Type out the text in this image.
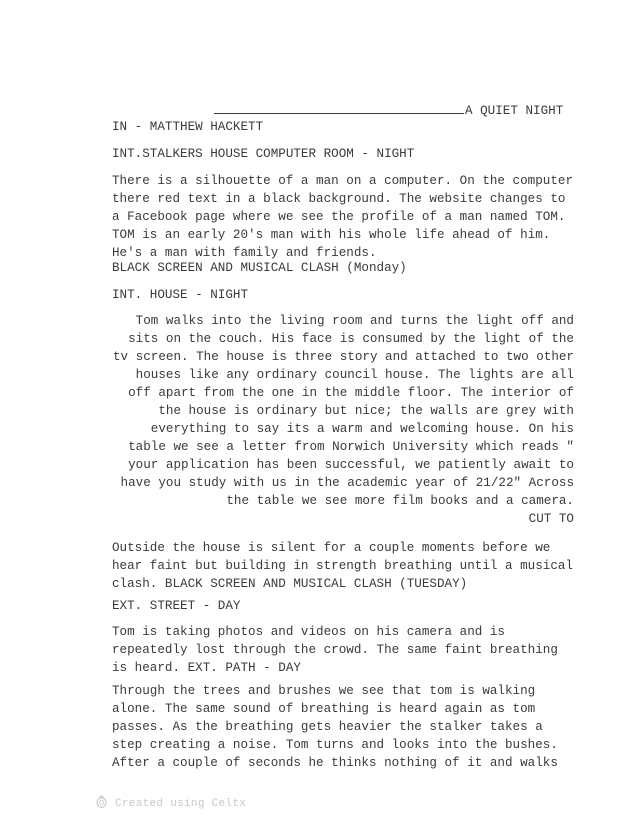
A QUIET NIGHT

IN - MATTHEW HACKETT

INT.STALKERS HOUSE COMPUTER ROOM - NIGHT

There is a silhouette of a man on a computer. On the computer
there red text in a black background. The website changes to
a Facebook page where we see the profile of a man named TOM.
TOM is an early 20's man with his whole life ahead of him.
He's a man with family and friends.

BLACK SCREEN AND MUSICAL CLASH (Monday)

INT. HOUSE - NIGHT

Tom walks into the living room and turns the light off and
sits on the couch. His face is consumed by the light of the
tv screen. The house is three story and attached to two other
houses like any ordinary council house. The lights are all
off apart from the one in the middle floor. The interior of
the house is ordinary but nice; the walls are grey with
everything to say its a warm and welcoming house. On his
table we see a letter from Norwich University which reads "
your application has been successful, we patiently await to
have you study with us in the academic year of 21/22" Across
the table we see more film books and a camera.
CUT TO

Outside the house is silent for a couple moments before we
hear faint but building in strength breathing until a musical
clash. BLACK SCREEN AND MUSICAL CLASH (TUESDAY)

EXT. STREET - DAY

Tom is taking photos and videos on his camera and is
repeatedly lost through the crowd. The same faint breathing
is heard. EXT. PATH - DAY

Through the trees and brushes we see that tom is walking
alone. The same sound of breathing is heard again as tom
passes. As the breathing gets heavier the stalker takes a
step creating a noise. Tom turns and looks into the bushes.
After a couple of seconds he thinks nothing of it and walks

Created using Celtx
